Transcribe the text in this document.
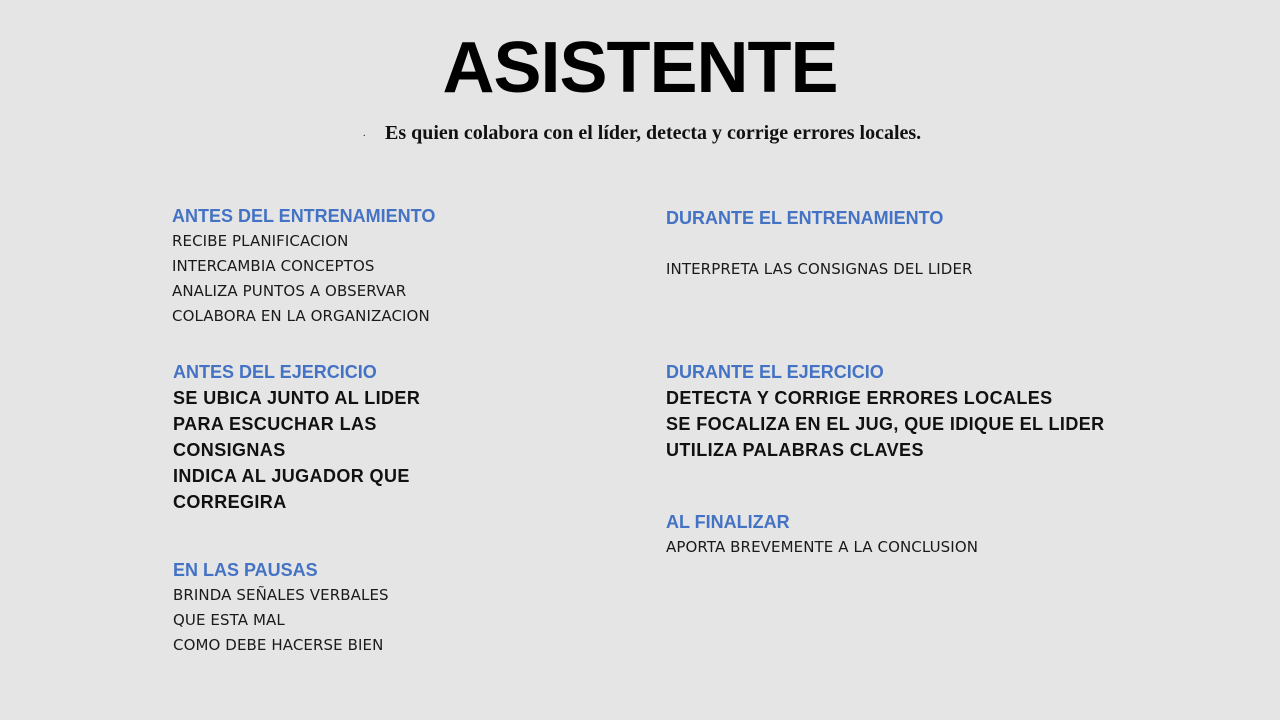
ASISTENTE
. Es quien colabora con el líder, detecta y corrige errores locales.
ANTES DEL ENTRENAMIENTO
RECIBE PLANIFICACION
INTERCAMBIA CONCEPTOS
ANALIZA PUNTOS A OBSERVAR
COLABORA EN LA ORGANIZACION
ANTES DEL EJERCICIO
SE UBICA JUNTO AL LIDER
PARA ESCUCHAR LAS
CONSIGNAS
INDICA AL JUGADOR QUE
CORREGIRA
EN LAS PAUSAS
BRINDA SEÑALES VERBALES
QUE ESTA MAL
COMO DEBE HACERSE BIEN
DURANTE EL ENTRENAMIENTO
INTERPRETA LAS CONSIGNAS DEL LIDER
DURANTE EL EJERCICIO
DETECTA Y CORRIGE ERRORES LOCALES
SE FOCALIZA EN EL JUG, QUE IDIQUE EL LIDER
UTILIZA PALABRAS CLAVES
AL FINALIZAR
APORTA BREVEMENTE A LA CONCLUSION
